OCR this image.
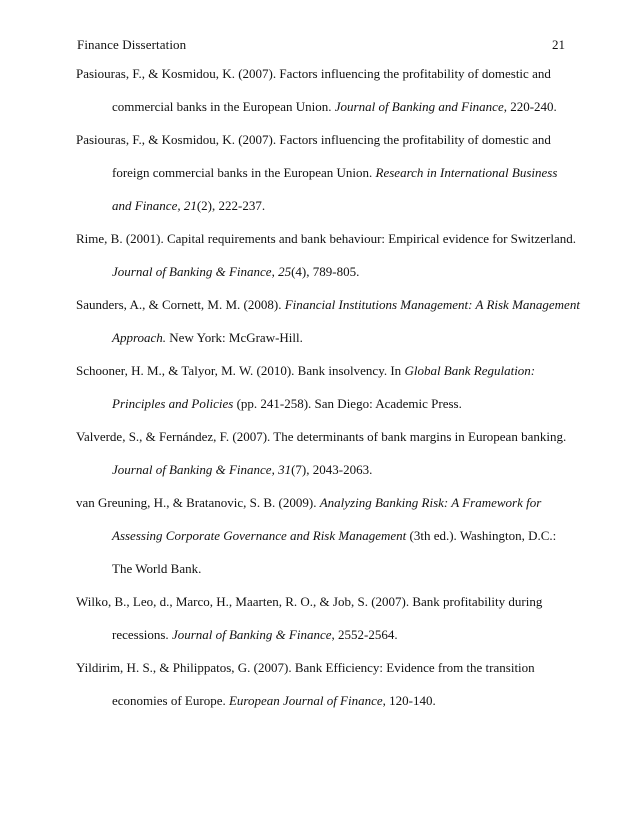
Finance Dissertation	21
Pasiouras, F., & Kosmidou, K. (2007). Factors influencing the profitability of domestic and
commercial banks in the European Union. Journal of Banking and Finance, 220-240.
Pasiouras, F., & Kosmidou, K. (2007). Factors influencing the profitability of domestic and
foreign commercial banks in the European Union. Research in International Business
and Finance, 21(2), 222-237.
Rime, B. (2001). Capital requirements and bank behaviour: Empirical evidence for Switzerland.
Journal of Banking & Finance, 25(4), 789-805.
Saunders, A., & Cornett, M. M. (2008). Financial Institutions Management: A Risk Management
Approach. New York: McGraw-Hill.
Schooner, H. M., & Talyor, M. W. (2010). Bank insolvency. In Global Bank Regulation:
Principles and Policies (pp. 241-258). San Diego: Academic Press.
Valverde, S., & Fernández, F. (2007). The determinants of bank margins in European banking.
Journal of Banking & Finance, 31(7), 2043-2063.
van Greuning, H., & Bratanovic, S. B. (2009). Analyzing Banking Risk: A Framework for
Assessing Corporate Governance and Risk Management (3th ed.). Washington, D.C.:
The World Bank.
Wilko, B., Leo, d., Marco, H., Maarten, R. O., & Job, S. (2007). Bank profitability during
recessions. Journal of Banking & Finance, 2552-2564.
Yildirim, H. S., & Philippatos, G. (2007). Bank Efficiency: Evidence from the transition
economies of Europe. European Journal of Finance, 120-140.
